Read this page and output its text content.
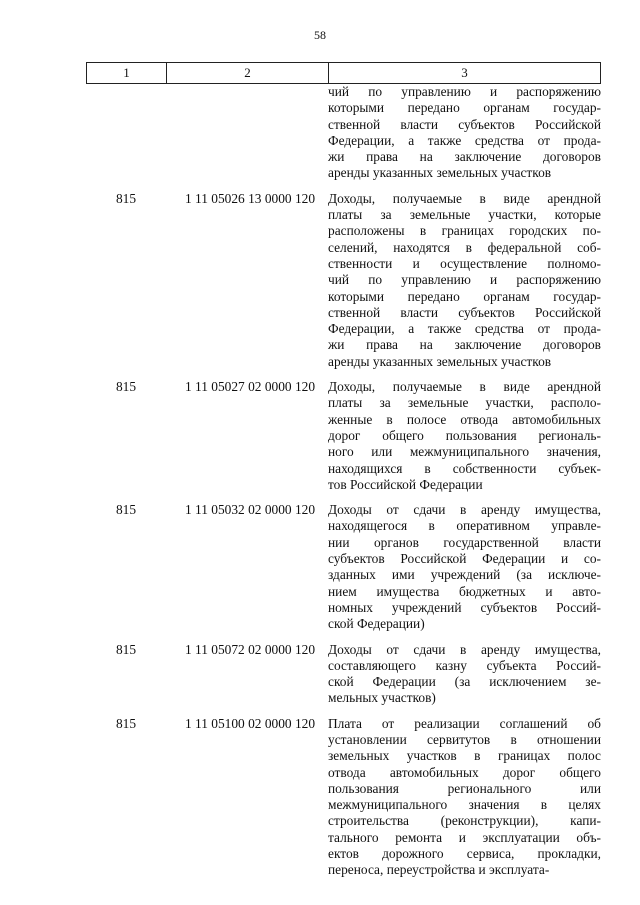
58
1	2	3
чий по управлению и распоряжению
которыми передано органам государ-
ственной власти субъектов Российской
Федерации, а также средства от прода-
жи права на заключение договоров
аренды указанных земельных участков
815	1 11 05026 13 0000 120 Доходы, получаемые в виде арендной
платы за земельные участки, которые
расположены в границах городских по-
селений, находятся в федеральной соб-
ственности и осуществление полномо-
чий по управлению и распоряжению
которыми передано органам государ-
ственной власти субъектов Российской
Федерации, а также средства от прода-
жи права на заключение договоров
аренды указанных земельных участков
815	1 11 05027 02 0000 120 Доходы, получаемые в виде арендной
платы за земельные участки, располо-
женные в полосе отвода автомобильных
дорог общего пользования региональ-
ного или межмуниципального значения,
находящихся в собственности субъек-
тов Российской Федерации
815	1 11 05032 02 0000 120 Доходы от сдачи в аренду имущества,
находящегося в оперативном управле-
нии органов государственной власти
субъектов Российской Федерации и со-
зданных ими учреждений (за исключе-
нием имущества бюджетных и авто-
номных учреждений субъектов Россий-
ской Федерации)
815	1 11 05072 02 0000 120 Доходы от сдачи в аренду имущества,
составляющего казну субъекта Россий-
ской Федерации (за исключением зе-
мельных участков)
815	1 11 05100 02 0000 120 Плата от реализации соглашений об
установлении сервитутов в отношении
земельных участков в границах полос
отвода автомобильных дорог общего
пользования регионального или
межмуниципального значения в целях
строительства (реконструкции), капи-
тального ремонта и эксплуатации объ-
ектов дорожного сервиса, прокладки,
переноса, переустройства и эксплуата-
